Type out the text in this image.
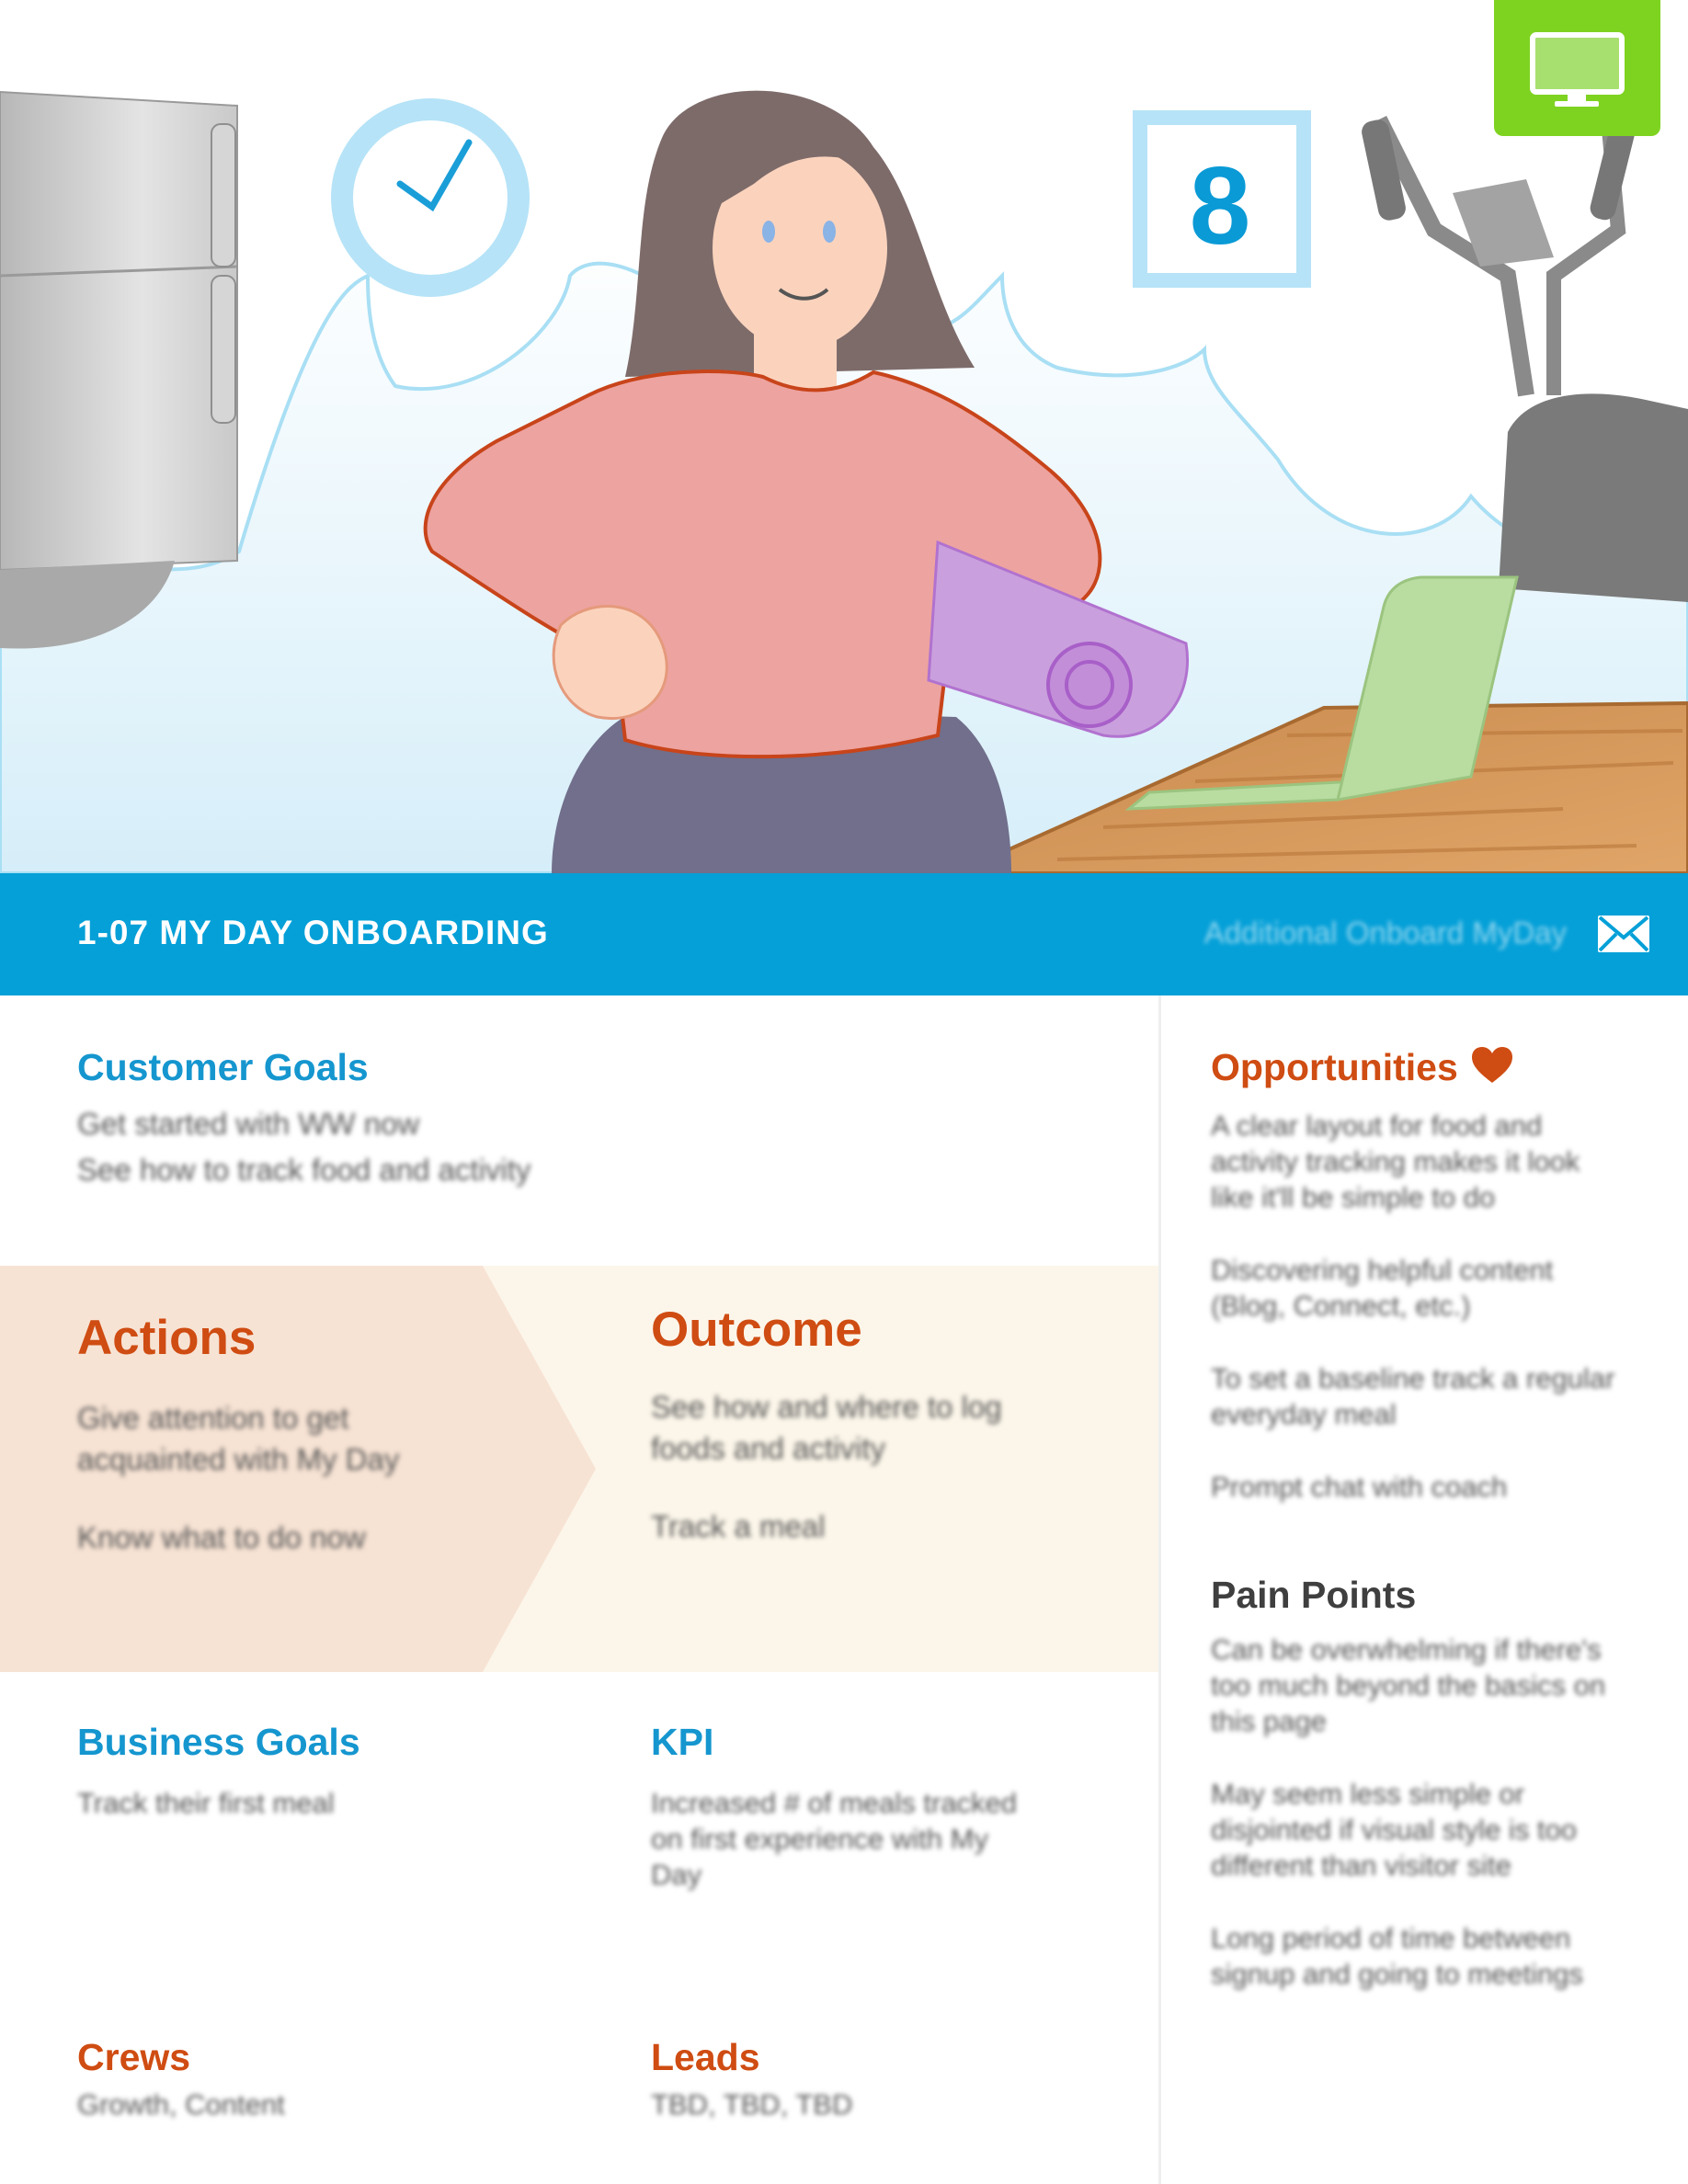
8
1-07 MY DAY ONBOARDING	Additional Onboard MyDay
Customer Goals
Get started with WW now
See how to track food and activity
Actions

Give attention to get acquainted with My Day

Know what to do now

Outcome

See how and where to log foods and activity

Track a meal

Business Goals
Track their first meal
KPI
Increased # of meals tracked on first experience with My Day
Crews
Growth, Content
Leads
TBD, TBD, TBD
Opportunities

A clear layout for food and activity tracking makes it look like it'll be simple to do

Discovering helpful content (Blog, Connect, etc.)

To set a baseline track a regular everyday meal

Prompt chat with coach

Pain Points

Can be overwhelming if there's too much beyond the basics on this page

May seem less simple or disjointed if visual style is too different than visitor site

Long period of time between signup and going to meetings
